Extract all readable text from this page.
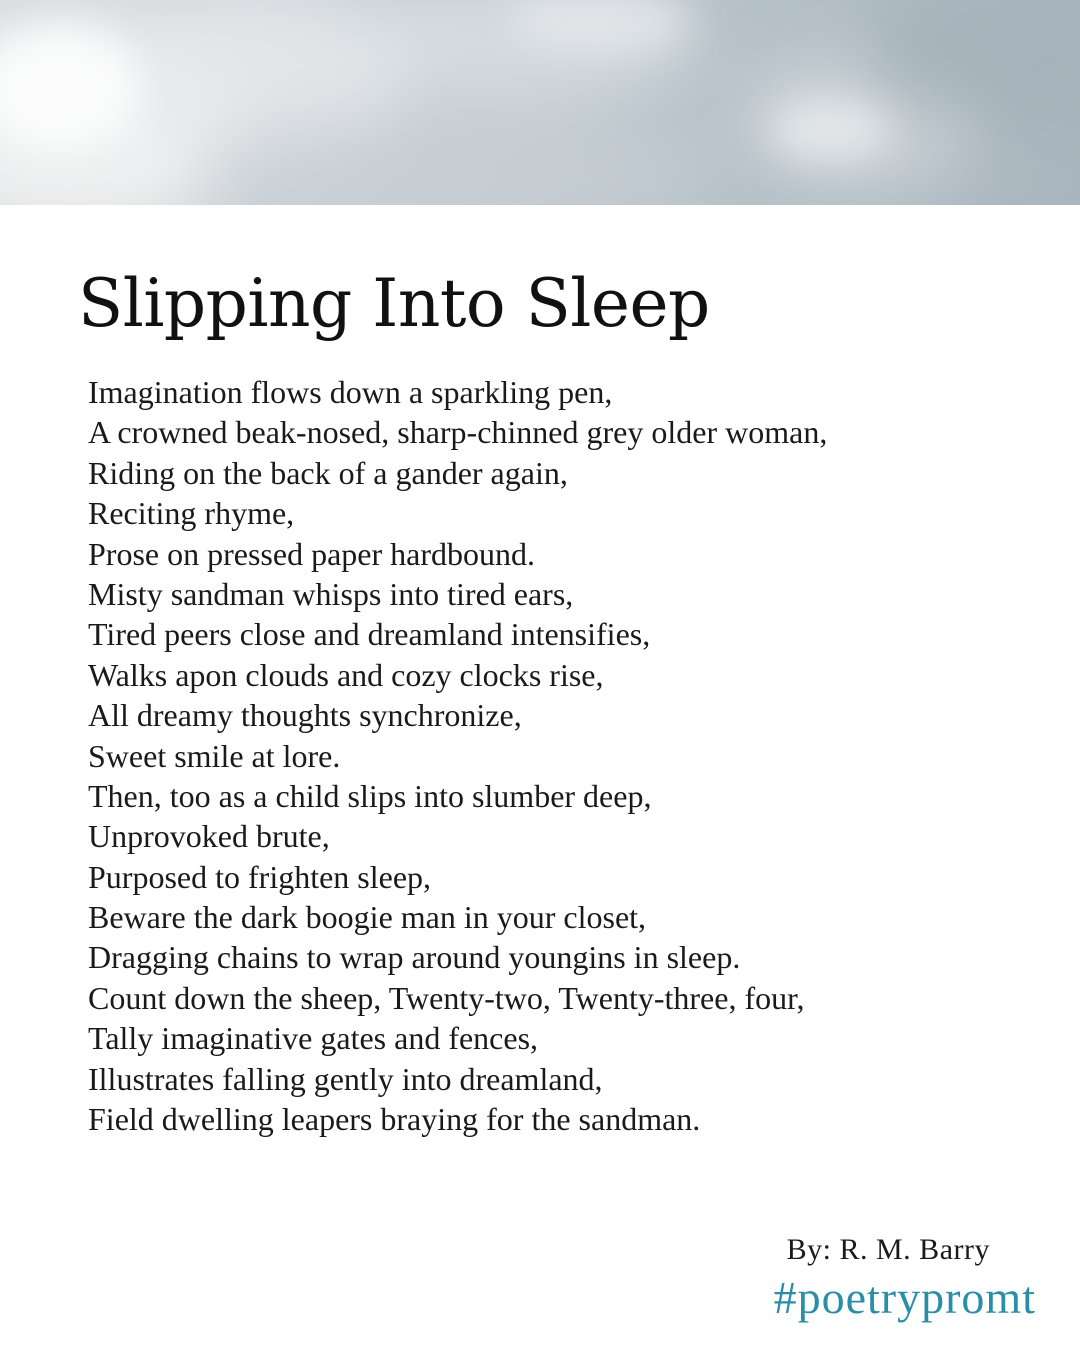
Slipping Into Sleep
Imagination flows down a sparkling pen,
A crowned beak-nosed, sharp-chinned grey older woman,
Riding on the back of a gander again,
Reciting rhyme,
Prose on pressed paper hardbound.
Misty sandman whisps into tired ears,
Tired peers close and dreamland intensifies,
Walks apon clouds and cozy clocks rise,
All dreamy thoughts synchronize,
Sweet smile at lore.
Then, too as a child slips into slumber deep,
Unprovoked brute,
Purposed to frighten sleep,
Beware the dark boogie man in your closet,
Dragging chains to wrap around youngins in sleep.
Count down the sheep, Twenty-two, Twenty-three, four,
Tally imaginative gates and fences,
Illustrates falling gently into dreamland,
Field dwelling leapers braying for the sandman.
By: R. M. Barry
#poetrypromt
